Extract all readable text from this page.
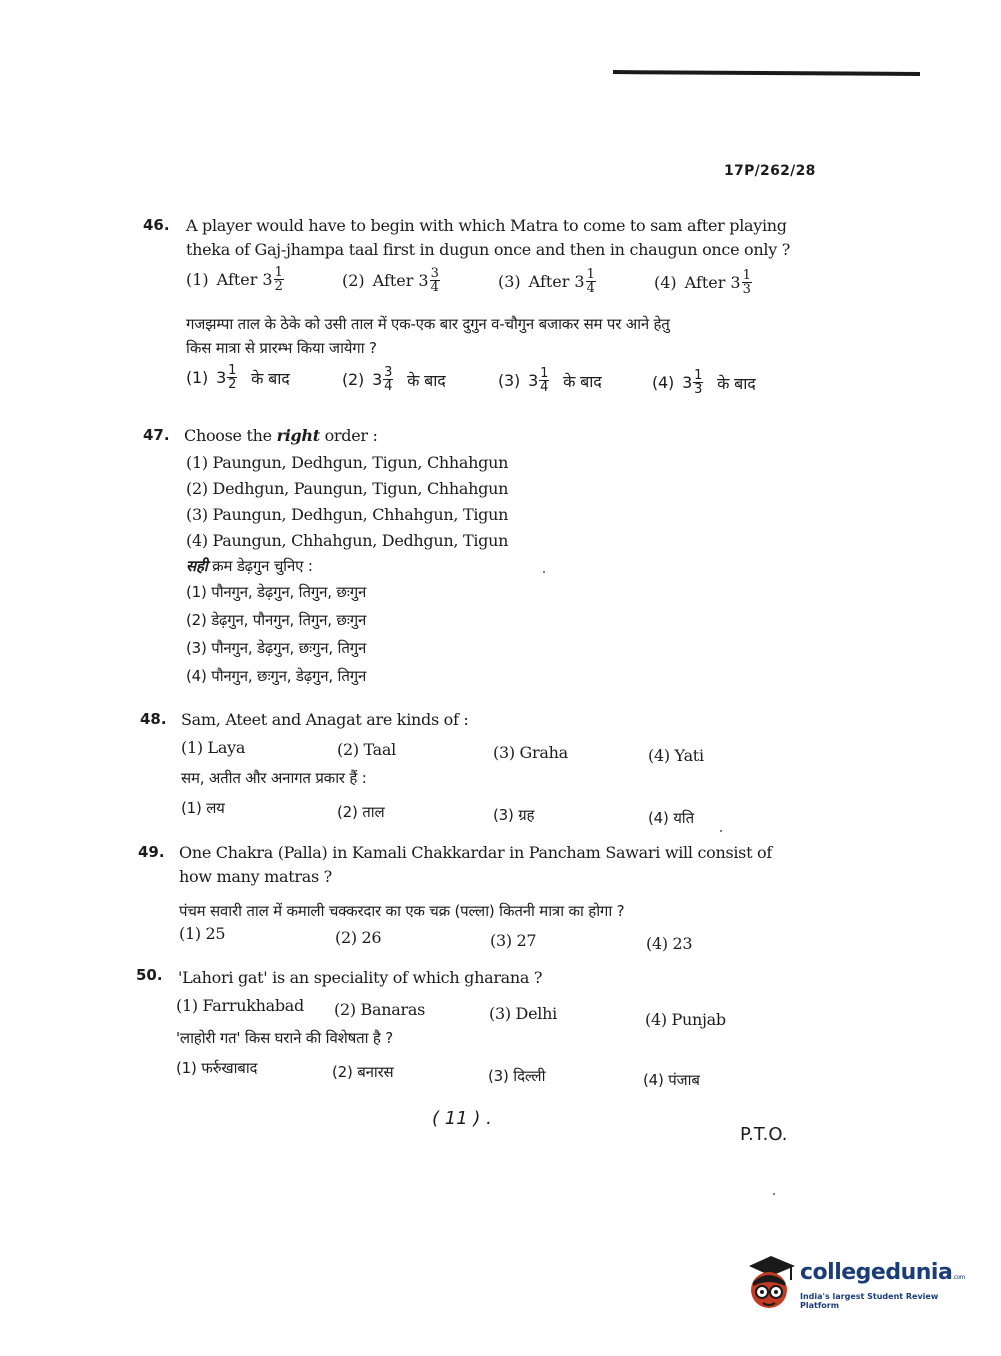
17P/262/28
46. A player would have to begin with which Matra to come to sam after playing
theka of Gaj-jhampa taal first in dugun once and then in chaugun once only ?
(1) After $3 \frac{1}{2}$	(2) After $3 \frac{3}{4}$	(3) After $3 \frac{1}{4}$	(4) After $3 \frac{1}{3}$
गजझम्पा ताल के ठेके को उसी ताल में एक-एक बार दुगुन व-चौगुन बजाकर सम पर आने हेतु
किस मात्रा से प्रारम्भ किया जायेगा ?
(1) $3 \frac{1}{2}$ के बाद	(2) $3 \frac{3}{4}$ के बाद	(3) $3 \frac{1}{4}$ के बाद	(4) $3 \frac{1}{3}$ के बाद
47. Choose the right order :
(1) Paungun, Dedhgun, Tigun, Chhahgun
(2) Dedhgun, Paungun, Tigun, Chhahgun
(3) Paungun, Dedhgun, Chhahgun, Tigun
(4) Paungun, Chhahgun, Dedhgun, Tigun
सही क्रम डेढ़गुन चुनिए :
(1) पौनगुन, डेढ़गुन, तिगुन, छःगुन
(2) डेढ़गुन, पौनगुन, तिगुन, छःगुन
(3) पौनगुन, डेढ़गुन, छःगुन, तिगुन
(4) पौनगुन, छःगुन, डेढ़गुन, तिगुन
48. Sam, Ateet and Anagat are kinds of :
(1) Laya	(2) Taal	(3) Graha	(4) Yati
सम, अतीत और अनागत प्रकार हैं :
(1) लय	(2) ताल	(3) ग्रह	(4) यति
49. One Chakra (Palla) in Kamali Chakkardar in Pancham Sawari will consist of
how many matras ?
पंचम सवारी ताल में कमाली चक्करदार का एक चक्र (पल्ला) कितनी मात्रा का होगा ?
(1) 25	(2) 26	(3) 27	(4) 23
50. 'Lahori gat' is an speciality of which gharana ?
(1) Farrukhabad (2) Banaras	(3) Delhi	(4) Punjab
'लाहोरी गत' किस घराने की विशेषता है ?
(1) फर्रुखाबाद	(2) बनारस	(3) दिल्ली	(4) पंजाब
( 11 ) .
P.T.O.
collegedunia.com
India's largest Student Review Platform
